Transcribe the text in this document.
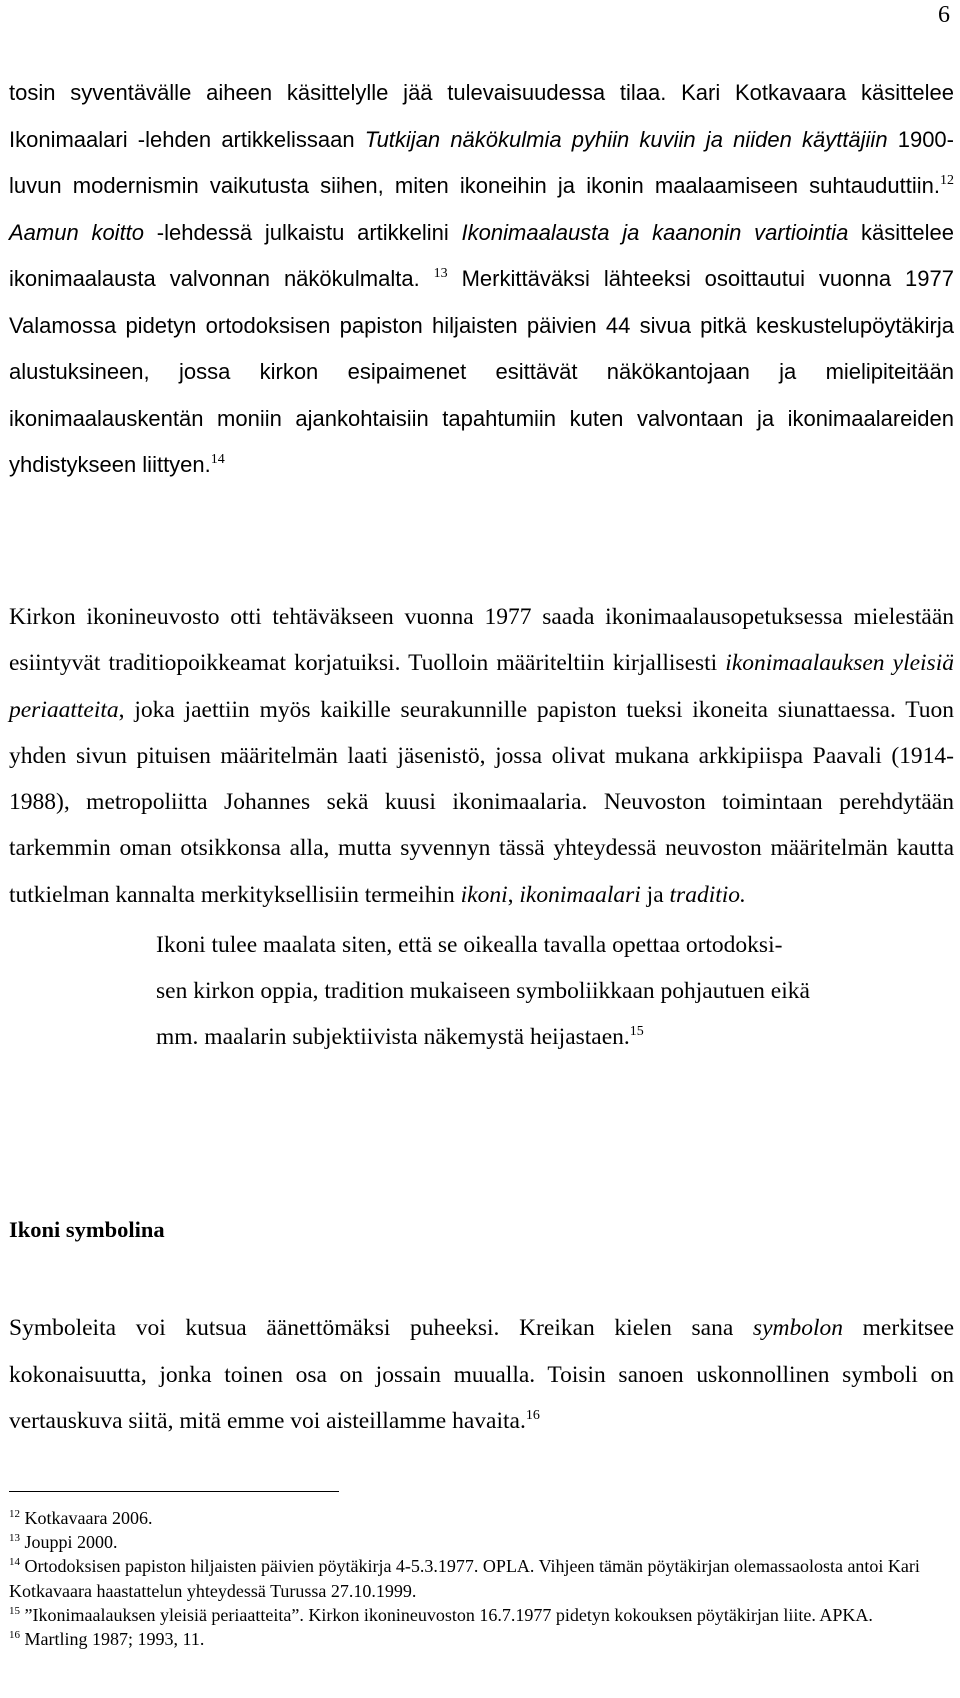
6

tosin syventävälle aiheen käsittelylle jää tulevaisuudessa tilaa. Kari Kotkavaara käsittelee Ikonimaalari -lehden artikkelissaan Tutkijan näkökulmia pyhiin kuviin ja niiden käyttäjiin 1900-luvun modernismin vaikutusta siihen, miten ikoneihin ja ikonin maalaamiseen suhtauduttiin.$^{12}$ Aamun koitto -lehdessä julkaistu artikkelini Ikonimaalausta ja kaanonin vartiointia käsittelee ikonimaalausta valvonnan näkökulmalta. $^{13}$ Merkittäväksi lähteeksi osoittautui vuonna 1977 Valamossa pidetyn ortodoksisen papiston hiljaisten päivien 44 sivua pitkä keskustelupöytäkirja alustuksineen, jossa kirkon esipaimenet esittävät näkökantojaan ja mielipiteitään ikonimaalauskentän moniin ajankohtaisiin tapahtumiin kuten valvontaan ja ikonimaalareiden yhdistykseen liittyen.$^{14}$

Kirkon ikonineuvosto otti tehtäväkseen vuonna 1977 saada ikonimaalausopetuksessa mielestään esiintyvät traditiopoikkeamat korjatuiksi. Tuolloin määriteltiin kirjallisesti ikonimaalauksen yleisiä periaatteita, joka jaettiin myös kaikille seurakunnille papiston tueksi ikoneita siunattaessa. Tuon yhden sivun pituisen määritelmän laati jäsenistö, jossa olivat mukana arkkipiispa Paavali (1914-1988), metropoliitta Johannes sekä kuusi ikonimaalaria. Neuvoston toimintaan perehdytään tarkemmin oman otsikkonsa alla, mutta syvennyn tässä yhteydessä neuvoston määritelmän kautta tutkielman kannalta merkityksellisiin termeihin ikoni, ikonimaalari ja traditio.

Ikoni tulee maalata siten, että se oikealla tavalla opettaa ortodoksi-
sen kirkon oppia, tradition mukaiseen symboliikkaan pohjautuen eikä
mm. maalarin subjektiivista näkemystä heijastaen.$^{15}$
Ikoni symbolina

Symboleita voi kutsua äänettömäksi puheeksi. Kreikan kielen sana symbolon merkitsee kokonaisuutta, jonka toinen osa on jossain muualla. Toisin sanoen uskonnollinen symboli on vertauskuva siitä, mitä emme voi aisteillamme havaita.$^{16}$

$^{12}$ Kotkavaara 2006.

$^{13}$ Jouppi 2000.

$^{14}$ Ortodoksisen papiston hiljaisten päivien pöytäkirja 4-5.3.1977. OPLA. Vihjeen tämän pöytäkirjan olemassaolosta antoi Kari Kotkavaara haastattelun yhteydessä Turussa 27.10.1999.

$^{15}$ ”Ikonimaalauksen yleisiä periaatteita”. Kirkon ikonineuvoston 16.7.1977 pidetyn kokouksen pöytäkirjan liite. APKA.

$^{16}$ Martling 1987; 1993, 11.
